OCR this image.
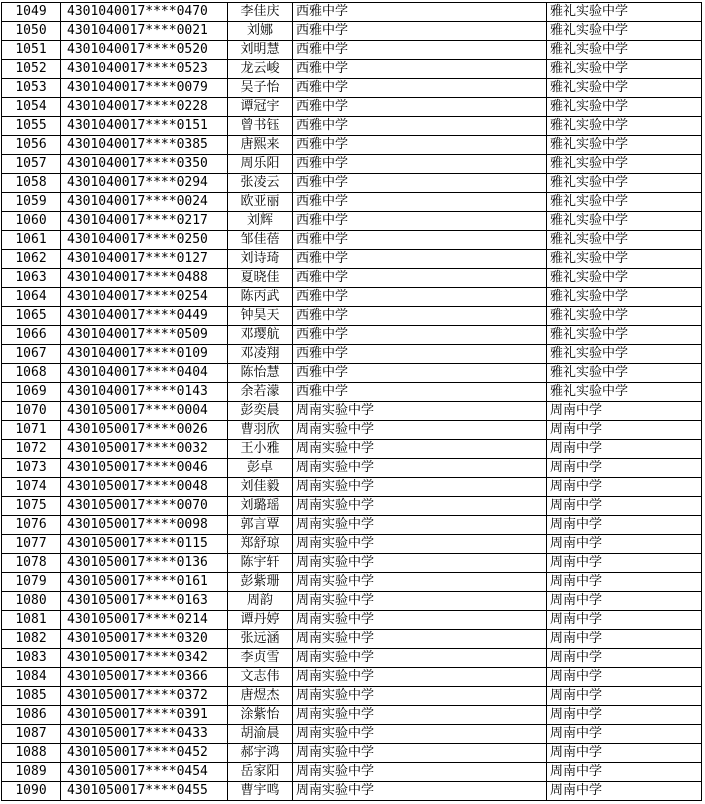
1049	4301040017****0470	李佳庆	西雅中学	雅礼实验中学
1050	4301040017****0021	刘娜	西雅中学	雅礼实验中学
1051	4301040017****0520	刘明慧	西雅中学	雅礼实验中学
1052	4301040017****0523	龙云峻	西雅中学	雅礼实验中学
1053	4301040017****0079	吴子怡	西雅中学	雅礼实验中学
1054	4301040017****0228	谭冠宇	西雅中学	雅礼实验中学
1055	4301040017****0151	曾书钰	西雅中学	雅礼实验中学
1056	4301040017****0385	唐熙来	西雅中学	雅礼实验中学
1057	4301040017****0350	周乐阳	西雅中学	雅礼实验中学
1058	4301040017****0294	张凌云	西雅中学	雅礼实验中学
1059	4301040017****0024	欧亚丽	西雅中学	雅礼实验中学
1060	4301040017****0217	刘辉	西雅中学	雅礼实验中学
1061	4301040017****0250	邹佳蓓	西雅中学	雅礼实验中学
1062	4301040017****0127	刘诗琦	西雅中学	雅礼实验中学
1063	4301040017****0488	夏晓佳	西雅中学	雅礼实验中学
1064	4301040017****0254	陈丙武	西雅中学	雅礼实验中学
1065	4301040017****0449	钟昊天	西雅中学	雅礼实验中学
1066	4301040017****0509	邓璎航	西雅中学	雅礼实验中学
1067	4301040017****0109	邓凌翔	西雅中学	雅礼实验中学
1068	4301040017****0404	陈怡慧	西雅中学	雅礼实验中学
1069	4301040017****0143	余若濛	西雅中学	雅礼实验中学
1070	4301050017****0004	彭奕晨	周南实验中学	周南中学
1071	4301050017****0026	曹羽欣	周南实验中学	周南中学
1072	4301050017****0032	王小雅	周南实验中学	周南中学
1073	4301050017****0046	彭卓	周南实验中学	周南中学
1074	4301050017****0048	刘佳毅	周南实验中学	周南中学
1075	4301050017****0070	刘璐瑶	周南实验中学	周南中学
1076	4301050017****0098	郭言覃	周南实验中学	周南中学
1077	4301050017****0115	郑舒琼	周南实验中学	周南中学
1078	4301050017****0136	陈宇轩	周南实验中学	周南中学
1079	4301050017****0161	彭紫珊	周南实验中学	周南中学
1080	4301050017****0163	周韵	周南实验中学	周南中学
1081	4301050017****0214	谭丹婷	周南实验中学	周南中学
1082	4301050017****0320	张远涵	周南实验中学	周南中学
1083	4301050017****0342	李贞雪	周南实验中学	周南中学
1084	4301050017****0366	文志伟	周南实验中学	周南中学
1085	4301050017****0372	唐煜杰	周南实验中学	周南中学
1086	4301050017****0391	涂紫怡	周南实验中学	周南中学
1087	4301050017****0433	胡渝晨	周南实验中学	周南中学
1088	4301050017****0452	郝宇鸿	周南实验中学	周南中学
1089	4301050017****0454	岳家阳	周南实验中学	周南中学
1090	4301050017****0455	曹宇鸣	周南实验中学	周南中学
